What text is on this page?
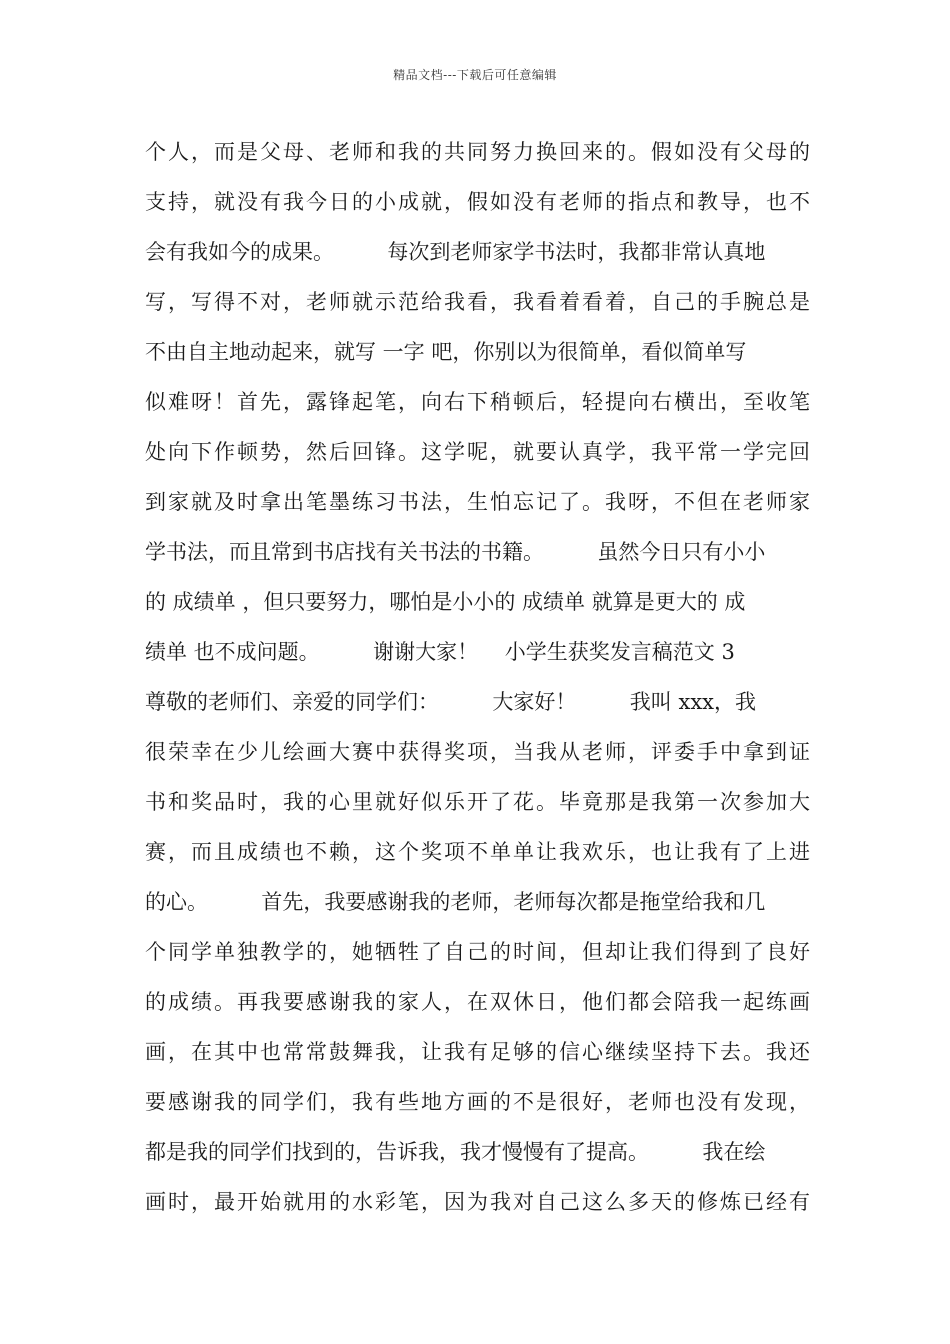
精品文档---下载后可任意编辑
个人，而是父母、老师和我的共同努力换回来的。假如没有父母的
支持，就没有我今日的小成就，假如没有老师的指点和教导，也不
会有我如今的成果。        每次到老师家学书法时，我都非常认真地
写，写得不对，老师就示范给我看，我看着看着，自己的手腕总是
不由自主地动起来，就写 一字 吧，你别以为很简单，看似简单写
似难呀！首先，露锋起笔，向右下稍顿后，轻提向右横出，至收笔
处向下作顿势，然后回锋。这学呢，就要认真学，我平常一学完回
到家就及时拿出笔墨练习书法，生怕忘记了。我呀，不但在老师家
学书法，而且常到书店找有关书法的书籍。        虽然今日只有小小
的 成绩单 ，但只要努力，哪怕是小小的 成绩单 就算是更大的 成
绩单 也不成问题。        谢谢大家！    小学生获奖发言稿范文 3
尊敬的老师们、亲爱的同学们：        大家好！        我叫 xxx，我
很荣幸在少儿绘画大赛中获得奖项，当我从老师，评委手中拿到证
书和奖品时，我的心里就好似乐开了花。毕竟那是我第一次参加大
赛，而且成绩也不赖，这个奖项不单单让我欢乐，也让我有了上进
的心。        首先，我要感谢我的老师，老师每次都是拖堂给我和几
个同学单独教学的，她牺牲了自己的时间，但却让我们得到了良好
的成绩。再我要感谢我的家人，在双休日，他们都会陪我一起练画
画，在其中也常常鼓舞我，让我有足够的信心继续坚持下去。我还
要感谢我的同学们，我有些地方画的不是很好，老师也没有发现，
都是我的同学们找到的，告诉我，我才慢慢有了提高。        我在绘
画时，最开始就用的水彩笔，因为我对自己这么多天的修炼已经有
